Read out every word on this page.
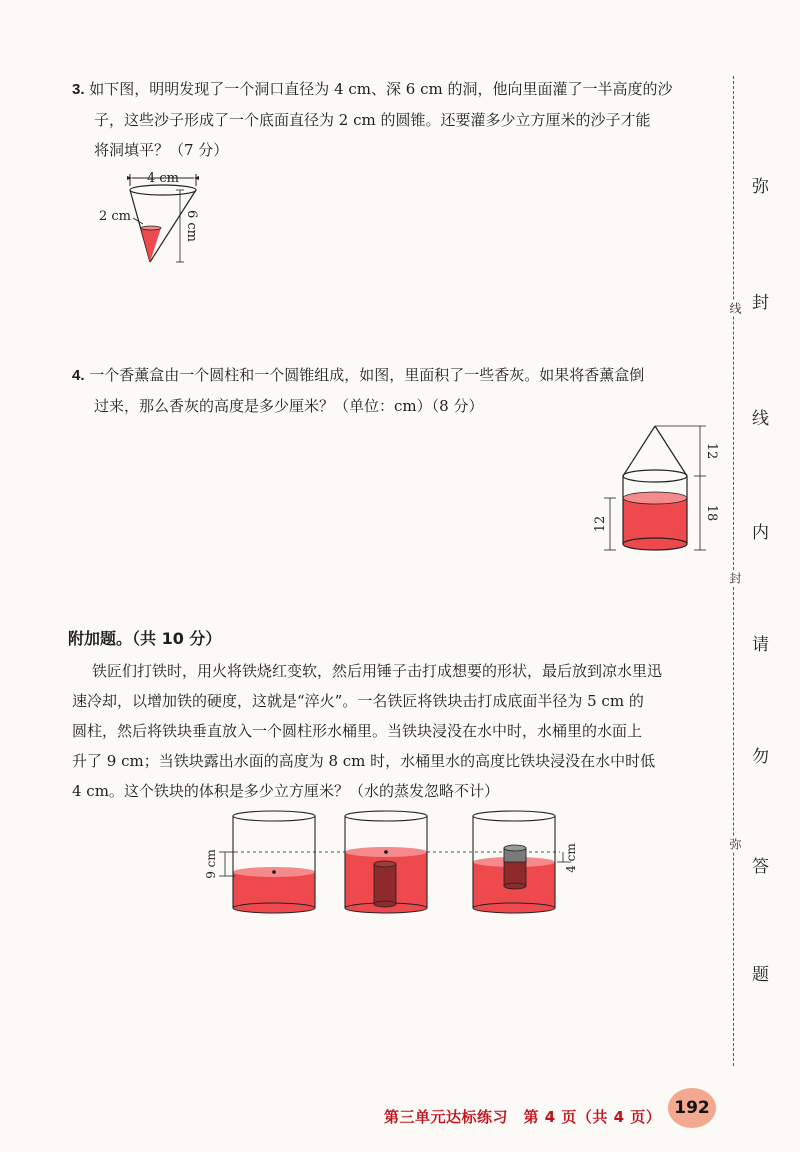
3. 如下图，明明发现了一个洞口直径为 4 cm、深 6 cm 的洞，他向里面灌了一半高度的沙

子，这些沙子形成了一个底面直径为 2 cm 的圆锥。还要灌多少立方厘米的沙子才能

将洞填平？（7 分）

4 cm
2 cm	6 cm

4. 一个香薰盒由一个圆柱和一个圆锥组成，如图，里面积了一些香灰。如果将香薰盒倒

过来，那么香灰的高度是多少厘米？（单位：cm）（8 分）

12
18
12
附加题。（共 10 分）

铁匠们打铁时，用火将铁烧红变软，然后用锤子击打成想要的形状，最后放到凉水里迅

速冷却，以增加铁的硬度，这就是“淬火”。一名铁匠将铁块击打成底面半径为 5 cm 的

圆柱，然后将铁块垂直放入一个圆柱形水桶里。当铁块浸没在水中时，水桶里的水面上

升了 9 cm；当铁块露出水面的高度为 8 cm 时，水桶里水的高度比铁块浸没在水中时低

4 cm。这个铁块的体积是多少立方厘米？（水的蒸发忽略不计）

9 cm	4 cm
线
封
弥
弥
封
线
内
请
勿
答
题
第三单元达标练习　第 4 页（共 4 页） 192
